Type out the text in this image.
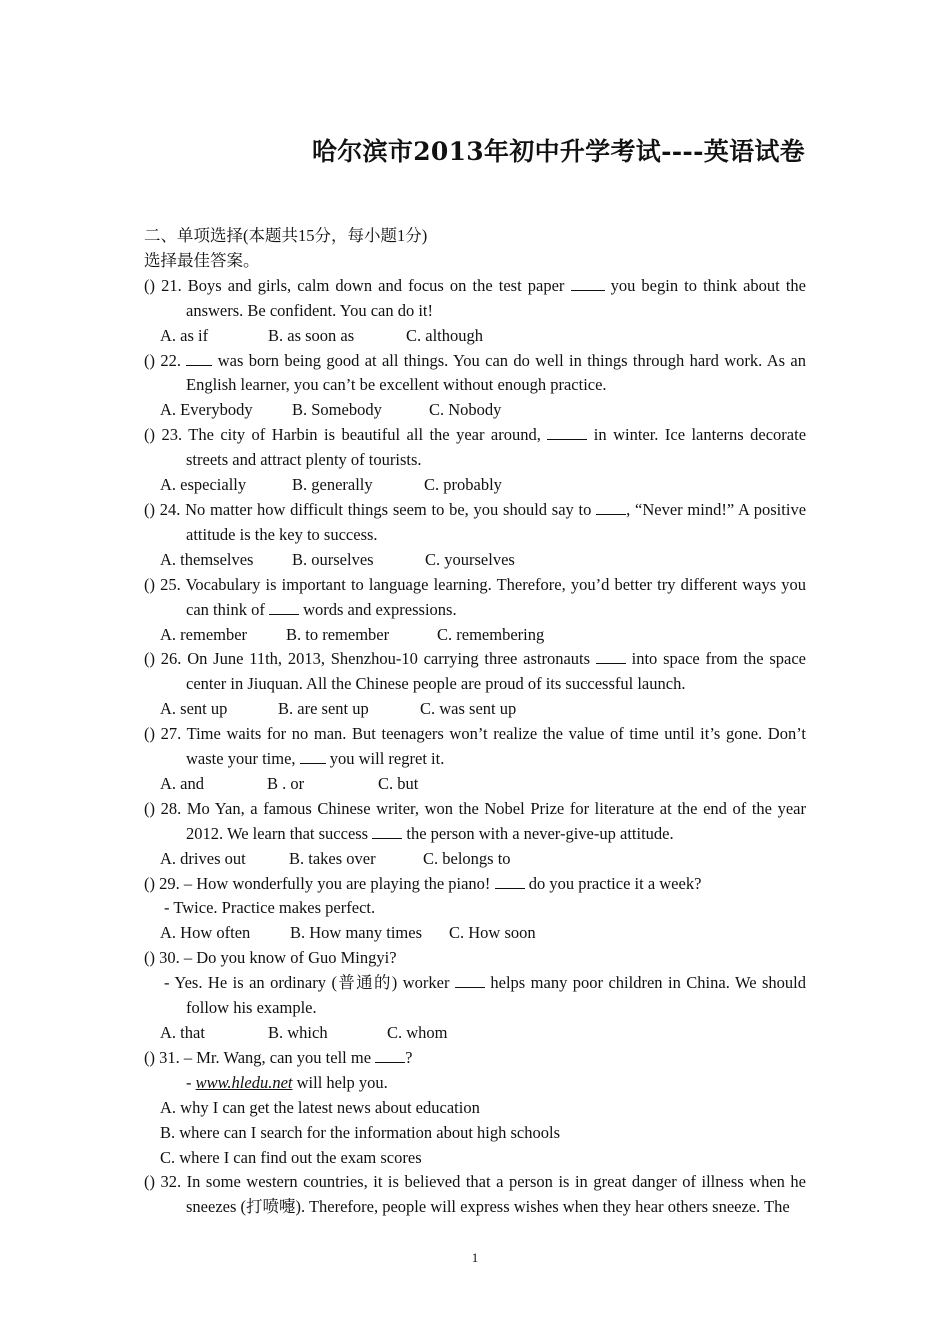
哈尔滨市2013年初中升学考试----英语试卷

二、单项选择(本题共15分，每小题1分)

选择最佳答案。

() 21. Boys and girls, calm down and focus on the test paper	you begin to think about the answers. Be confident. You can do it!

A. as if	B. as soon as	C. although

() 22. was born being good at all things. You can do well in things through hard work. As an English learner, you can’t be excellent without enough practice.

A. Everybody B. Somebody	C. Nobody

() 23. The city of Harbin is beautiful all the year around,	in winter. Ice lanterns decorate streets and attract plenty of tourists.

A. especially	B. generally	C. probably

() 24. No matter how difficult things seem to be, you should say to , “Never mind!” A positive attitude is the key to success.

A. themselves B. ourselves	C. yourselves

() 25. Vocabulary is important to language learning. Therefore, you’d better try different ways you can think of words and expressions.

A. remember B. to remember	C. remembering

() 26. On June 11th, 2013, Shenzhou-10 carrying three astronauts	into space from the space center in Jiuquan. All the Chinese people are proud of its successful launch.

A. sent up	B. are sent up	C. was sent up

() 27. Time waits for no man. But teenagers won’t realize the value of time until it’s gone. Don’t waste your time, you will regret it.

A. and	B . or	C. but

() 28. Mo Yan, a famous Chinese writer, won the Nobel Prize for literature at the end of the year 2012. We learn that success the person with a never-give-up attitude.

A. drives out	B. takes over	C. belongs to

() 29. – How wonderfully you are playing the piano! do you practice it a week?

- Twice. Practice makes perfect.

A. How often B. How many times C. How soon

() 30. – Do you know of Guo Mingyi?

- Yes. He is an ordinary (普通的) worker helps many poor children in China. We should follow his example.

A. that	B. which	C. whom

() 31. – Mr. Wang, can you tell me ?

- www.hledu.net will help you.

A. why I can get the latest news about education

B. where can I search for the information about high schools

C. where I can find out the exam scores

() 32. In some western countries, it is believed that a person is in great danger of illness when he sneezes (打喷嚏). Therefore, people will express wishes when they hear others sneeze. The

1
